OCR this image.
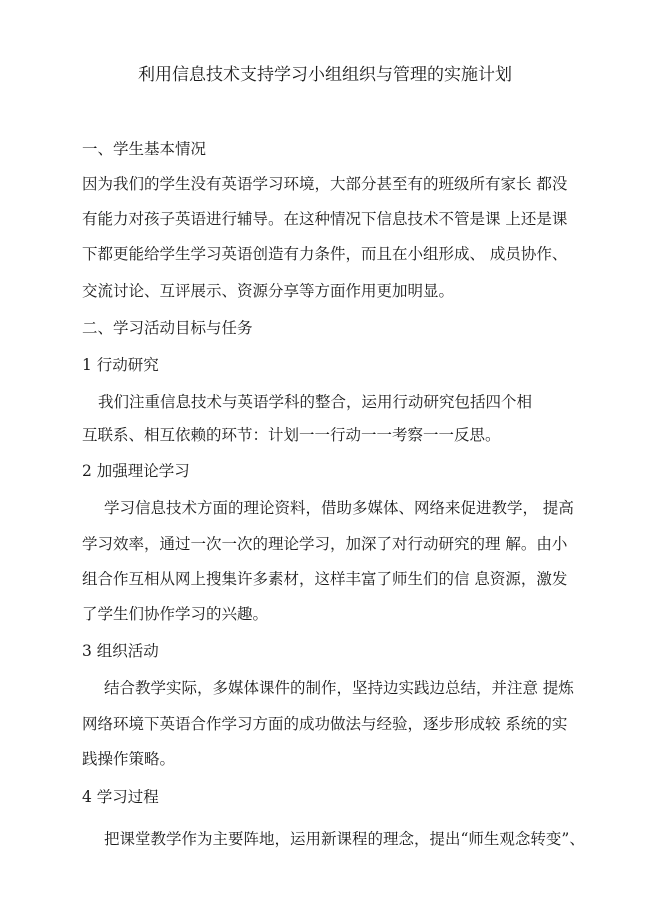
利用信息技术支持学习小组组织与管理的实施计划
一、学生基本情况
因为我们的学生没有英语学习环境，大部分甚至有的班级所有家长 都没
有能力对孩子英语进行辅导。在这种情况下信息技术不管是课 上还是课
下都更能给学生学习英语创造有力条件，而且在小组形成、 成员协作、
交流讨论、互评展示、资源分享等方面作用更加明显。
二、学习活动目标与任务
1 行动研究
我们注重信息技术与英语学科的整合，运用行动研究包括四个相
互联系、相互依赖的环节：计划一一行动一一考察一一反思。
2 加强理论学习
学习信息技术方面的理论资料，借助多媒体、网络来促进教学， 提高
学习效率，通过一次一次的理论学习，加深了对行动研究的理 解。由小
组合作互相从网上搜集许多素材，这样丰富了师生们的信 息资源，激发
了学生们协作学习的兴趣。
3 组织活动
结合教学实际，多媒体课件的制作，坚持边实践边总结，并注意 提炼
网络环境下英语合作学习方面的成功做法与经验，逐步形成较 系统的实
践操作策略。
4 学习过程
把课堂教学作为主要阵地，运用新课程的理念，提出“师生观念转变”、
